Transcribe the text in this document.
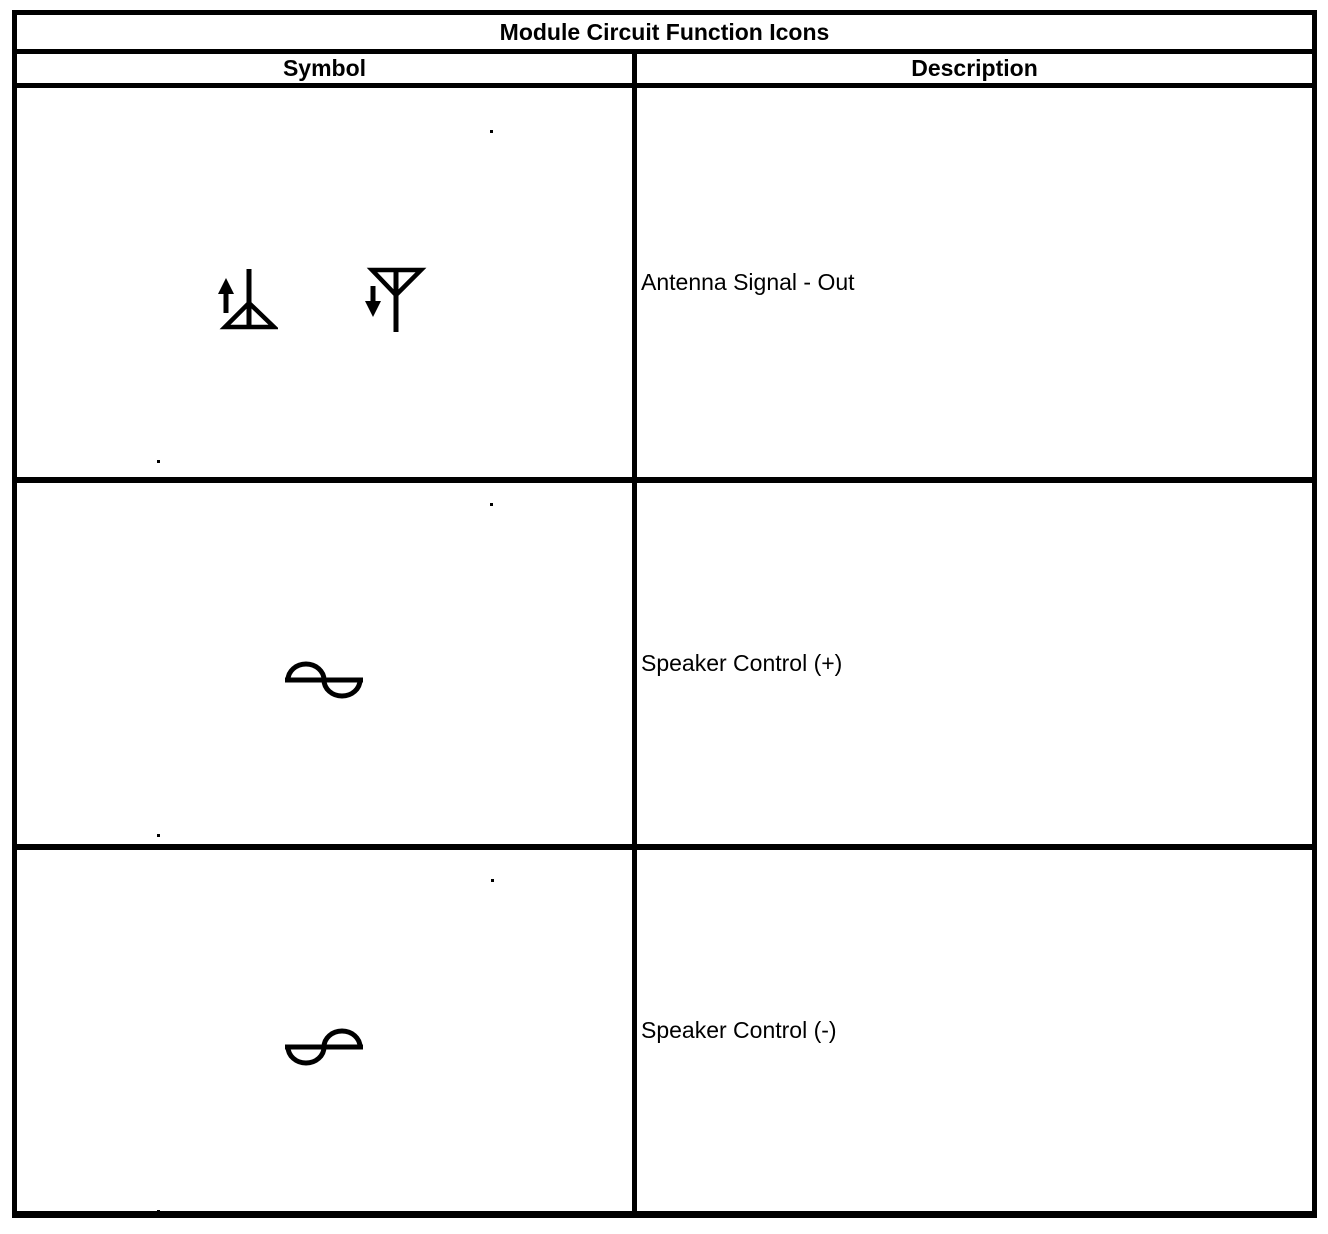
Module Circuit Function Icons
Symbol	Description
Antenna Signal - Out
Speaker Control (+)
Speaker Control (-)
